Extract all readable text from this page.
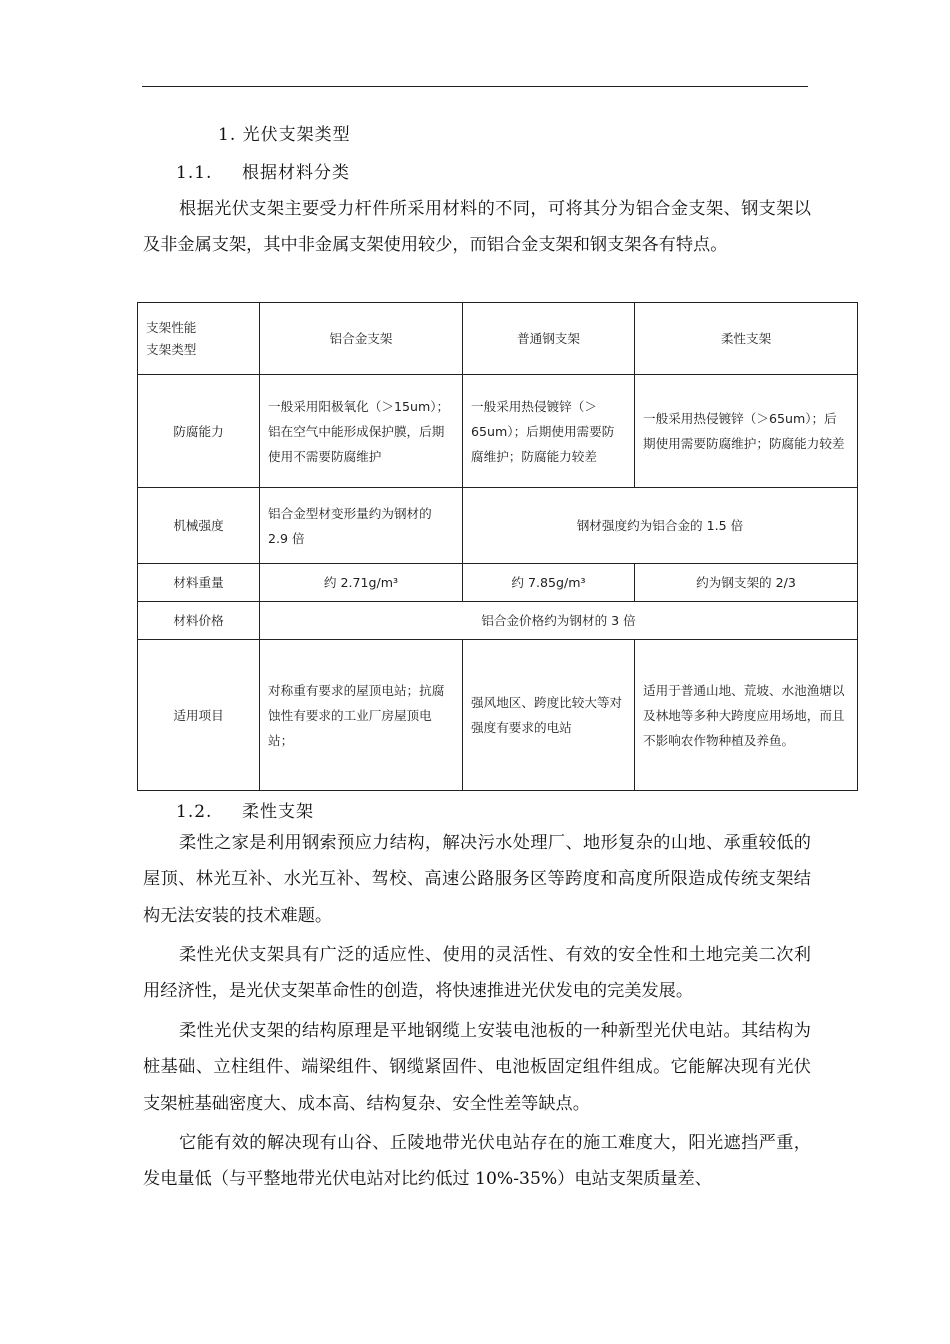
1. 光伏支架类型
1.1. 根据材料分类

根据光伏支架主要受力杆件所采用材料的不同，可将其分为铝合金支架、钢支架以及非金属支架，其中非金属支架使用较少，而铝合金支架和钢支架各有特点。

支架性能
支架类型	铝合金支架	普通钢支架	柔性支架
防腐能力	一般采用阳极氧化（＞15um）；铝在空气中能形成保护膜，后期使用不需要防腐维护	一般采用热侵镀锌（＞65um）；后期使用需要防腐维护；防腐能力较差	一般采用热侵镀锌（＞65um）；后期使用需要防腐维护；防腐能力较差
机械强度	铝合金型材变形量约为钢材的 2.9 倍	钢材强度约为铝合金的 1.5 倍	
材料重量	约 2.71g/m³	约 7.85g/m³	约为钢支架的 2/3
材料价格	铝合金价格约为钢材的 3 倍		
适用项目	对称重有要求的屋顶电站；抗腐蚀性有要求的工业厂房屋顶电站；	强风地区、跨度比较大等对强度有要求的电站	适用于普通山地、荒坡、水池渔塘以及林地等多种大跨度应用场地，而且不影响农作物种植及养鱼。
1.2. 柔性支架

柔性之家是利用钢索预应力结构，解决污水处理厂、地形复杂的山地、承重较低的屋顶、林光互补、水光互补、驾校、高速公路服务区等跨度和高度所限造成传统支架结构无法安装的技术难题。

柔性光伏支架具有广泛的适应性、使用的灵活性、有效的安全性和土地完美二次利用经济性，是光伏支架革命性的创造，将快速推进光伏发电的完美发展。

柔性光伏支架的结构原理是平地钢缆上安装电池板的一种新型光伏电站。其结构为桩基础、立柱组件、端梁组件、钢缆紧固件、电池板固定组件组成。它能解决现有光伏支架桩基础密度大、成本高、结构复杂、安全性差等缺点。

它能有效的解决现有山谷、丘陵地带光伏电站存在的施工难度大，阳光遮挡严重，发电量低（与平整地带光伏电站对比约低过 10%-35%）电站支架质量差、
